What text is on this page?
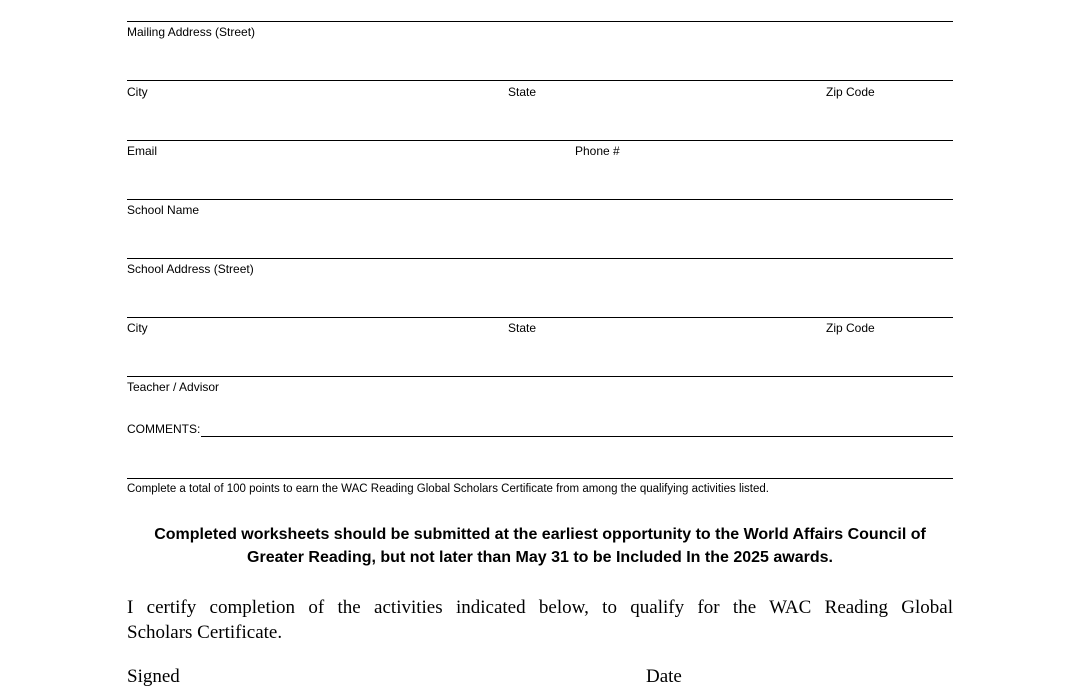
Mailing Address (Street)
City	State	Zip Code
Email	Phone #
School Name
School Address (Street)
City	State	Zip Code
Teacher / Advisor
COMMENTS:
Complete a total of 100 points to earn the WAC Reading Global Scholars Certificate from among the qualifying activities listed.
Completed worksheets should be submitted at the earliest opportunity to the World Affairs Council of
Greater Reading, but not later than May 31 to be Included In the 2025 awards.
I certify completion of the activities indicated below, to qualify for the WAC Reading Global
Scholars Certificate.
Signed	Date
